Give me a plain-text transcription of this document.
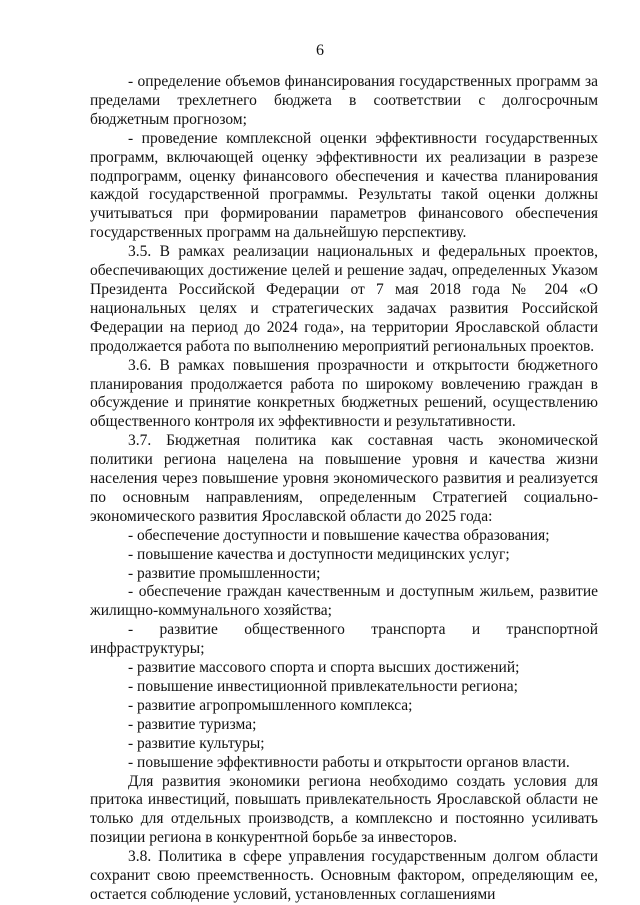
6

- определение объемов финансирования государственных программ за пределами трехлетнего бюджета в соответствии с долгосрочным бюджетным прогнозом;

- проведение комплексной оценки эффективности государственных программ, включающей оценку эффективности их реализации в разрезе подпрограмм, оценку финансового обеспечения и качества планирования каждой государственной программы. Результаты такой оценки должны учитываться при формировании параметров финансового обеспечения государственных программ на дальнейшую перспективу.

3.5. В рамках реализации национальных и федеральных проектов, обеспечивающих достижение целей и решение задач, определенных Указом Президента Российской Федерации от 7 мая 2018 года № 204 «О национальных целях и стратегических задачах развития Российской Федерации на период до 2024 года», на территории Ярославской области продолжается работа по выполнению мероприятий региональных проектов.

3.6. В рамках повышения прозрачности и открытости бюджетного планирования продолжается работа по широкому вовлечению граждан в обсуждение и принятие конкретных бюджетных решений, осуществлению общественного контроля их эффективности и результативности.

3.7. Бюджетная политика как составная часть экономической политики региона нацелена на повышение уровня и качества жизни населения через повышение уровня экономического развития и реализуется по основным направлениям, определенным Стратегией социально-экономического развития Ярославской области до 2025 года:

- обеспечение доступности и повышение качества образования;

- повышение качества и доступности медицинских услуг;

- развитие промышленности;

- обеспечение граждан качественным и доступным жильем, развитие жилищно-коммунального хозяйства;

- развитие общественного транспорта и транспортной инфраструктуры;

- развитие массового спорта и спорта высших достижений;

- повышение инвестиционной привлекательности региона;

- развитие агропромышленного комплекса;

- развитие туризма;

- развитие культуры;

- повышение эффективности работы и открытости органов власти.

Для развития экономики региона необходимо создать условия для притока инвестиций, повышать привлекательность Ярославской области не только для отдельных производств, а комплексно и постоянно усиливать позиции региона в конкурентной борьбе за инвесторов.

3.8. Политика в сфере управления государственным долгом области сохранит свою преемственность. Основным фактором, определяющим ее, остается соблюдение условий, установленных соглашениями
